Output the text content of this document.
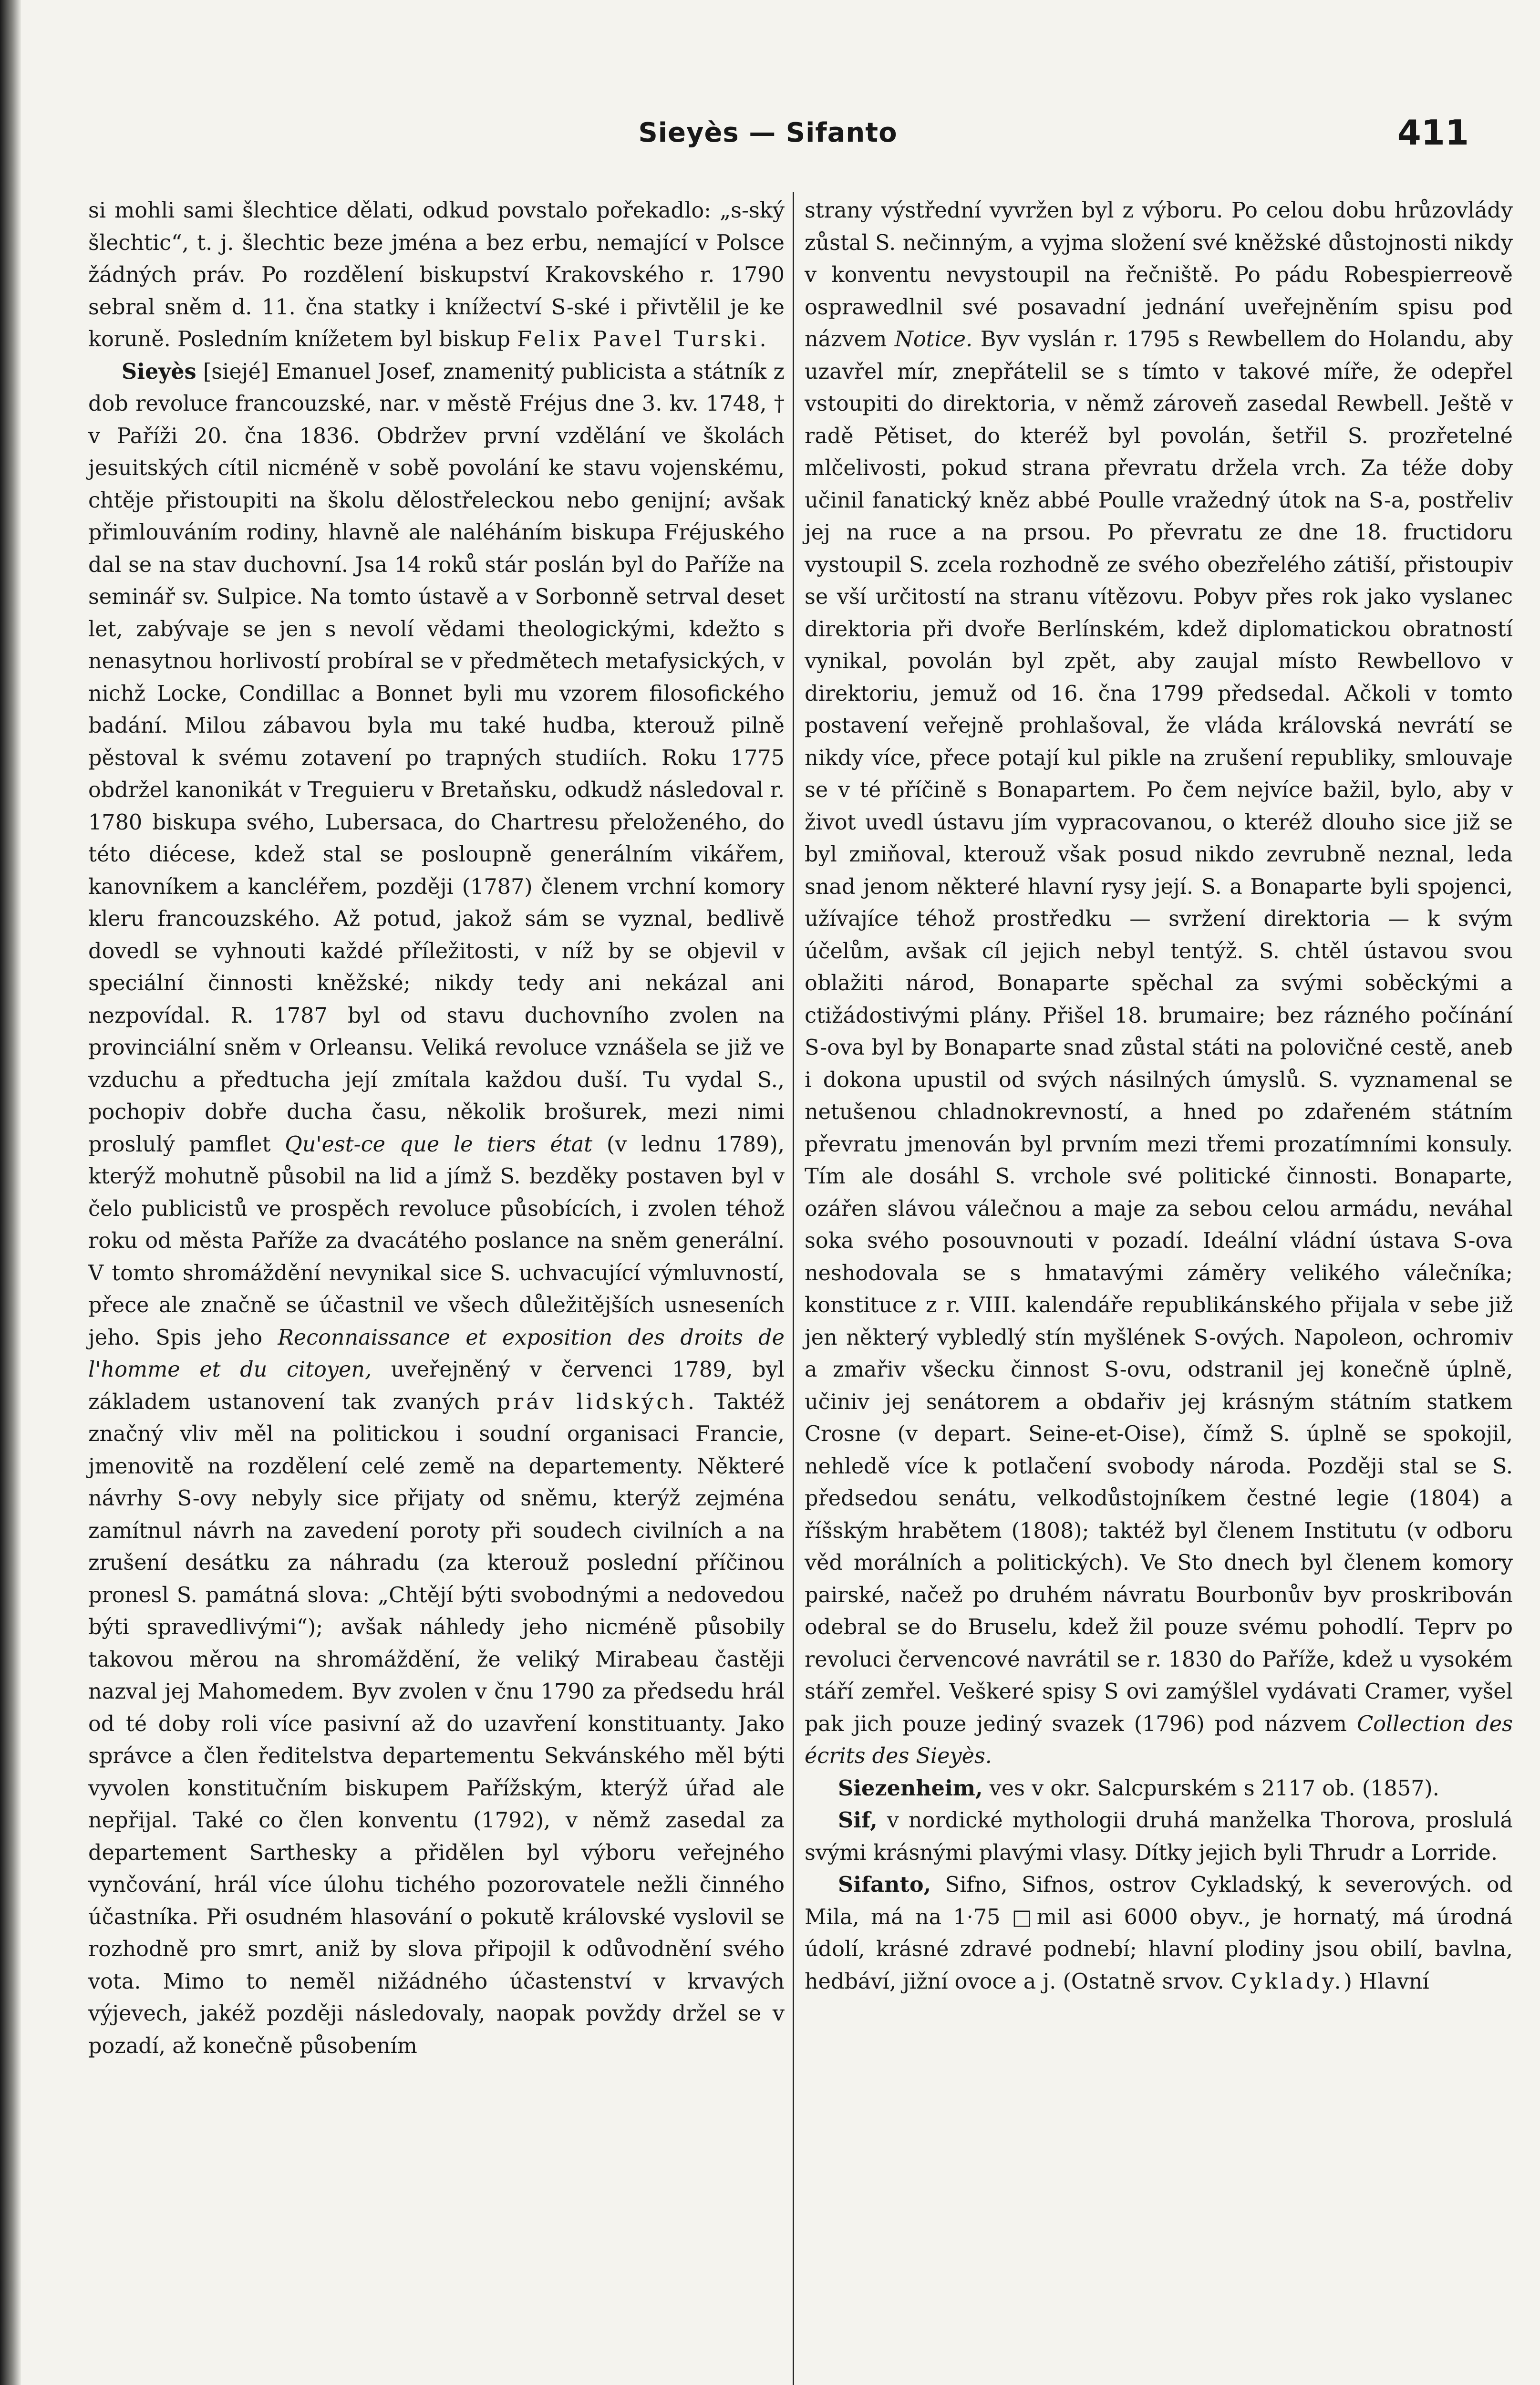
Sieyès — Sifanto	411

si mohli sami šlechtice dělati, odkud povstalo pořekadlo: „s-ský šlechtic“, t. j. šlechtic beze jména a bez erbu, nemající v Polsce žádných práv. Po rozdělení biskupství Krakovského r. 1790 sebral sněm d. 11. čna statky i knížectví S-ské i přivtělil je ke koruně. Posledním knížetem byl biskup Felix Pavel Turski.

Sieyès [siejé] Emanuel Josef, znamenitý publicista a státník z dob revoluce francouzské, nar. v městě Fréjus dne 3. kv. 1748, † v Paříži 20. čna 1836. Obdržev první vzdělání ve školách jesuitských cítil nicméně v sobě povolání ke stavu vojenskému, chtěje přistoupiti na školu dělostřeleckou nebo genijní; avšak přimlouváním rodiny, hlavně ale naléháním biskupa Fréjuského dal se na stav duchovní. Jsa 14 roků stár poslán byl do Paříže na seminář sv. Sulpice. Na tomto ústavě a v Sorbonně setrval deset let, zabývaje se jen s nevolí vědami theologickými, kdežto s nenasytnou horlivostí probíral se v předmětech metafysických, v nichž Locke, Condillac a Bonnet byli mu vzorem filosofického badání. Milou zábavou byla mu také hudba, kterouž pilně pěstoval k svému zotavení po trapných studiích. Roku 1775 obdržel kanonikát v Treguieru v Bretaňsku, odkudž následoval r. 1780 biskupa svého, Lubersaca, do Chartresu přeloženého, do této diécese, kdež stal se posloupně generálním vikářem, kanovníkem a kancléřem, později (1787) členem vrchní komory kleru francouzského. Až potud, jakož sám se vyznal, bedlivě dovedl se vyhnouti každé příležitosti, v níž by se objevil v speciální činnosti kněžské; nikdy tedy ani nekázal ani nezpovídal. R. 1787 byl od stavu duchovního zvolen na provinciální sněm v Orleansu. Veliká revoluce vznášela se již ve vzduchu a předtucha její zmítala každou duší. Tu vydal S., pochopiv dobře ducha času, několik brošurek, mezi nimi proslulý pamflet Qu'est-ce que le tiers état (v lednu 1789), kterýž mohutně působil na lid a jímž S. bezděky postaven byl v čelo publicistů ve prospěch revoluce působících, i zvolen téhož roku od města Paříže za dvacátého poslance na sněm generální. V tomto shromáždění nevynikal sice S. uchvacující výmluvností, přece ale značně se účastnil ve všech důležitějších usneseních jeho. Spis jeho Reconnaissance et exposition des droits de l'homme et du citoyen, uveřejněný v červenci 1789, byl základem ustanovení tak zvaných práv lidských. Taktéž značný vliv měl na politickou i soudní organisaci Francie, jmenovitě na rozdělení celé země na departementy. Některé návrhy S-ovy nebyly sice přijaty od sněmu, kterýž zejména zamítnul návrh na zavedení poroty při soudech civilních a na zrušení desátku za náhradu (za kterouž poslední příčinou pronesl S. památná slova: „Chtějí býti svobodnými a nedovedou býti spravedlivými“); avšak náhledy jeho nicméně působily takovou měrou na shromáždění, že veliký Mirabeau častěji nazval jej Mahomedem. Byv zvolen v čnu 1790 za předsedu hrál od té doby roli více pasivní až do uzavření konstituanty. Jako správce a člen ředitelstva departementu Sekvánského měl býti vyvolen konstitučním biskupem Pařížským, kterýž úřad ale nepřijal. Také co člen konventu (1792), v němž zasedal za departement Sarthesky a přidělen byl výboru veřejného vynčování, hrál více úlohu tichého pozorovatele nežli činného účastníka. Při osudném hlasování o pokutě královské vyslovil se rozhodně pro smrt, aniž by slova připojil k odůvodnění svého vota. Mimo to neměl nižádného účastenství v krvavých výjevech, jakéž později následovaly, naopak povždy držel se v pozadí, až konečně působením

strany výstřední vyvržen byl z výboru. Po celou dobu hrůzovlády zůstal S. nečinným, a vyjma složení své kněžské důstojnosti nikdy v konventu nevystoupil na řečniště. Po pádu Robespierreově osprawedlnil své posavadní jednání uveřejněním spisu pod názvem Notice. Byv vyslán r. 1795 s Rewbellem do Holandu, aby uzavřel mír, znepřátelil se s tímto v takové míře, že odepřel vstoupiti do direktoria, v němž zároveň zasedal Rewbell. Ještě v radě Pětiset, do kteréž byl povolán, šetřil S. prozřetelné mlčelivosti, pokud strana převratu držela vrch. Za téže doby učinil fanatický kněz abbé Poulle vražedný útok na S-a, postřeliv jej na ruce a na prsou. Po převratu ze dne 18. fructidoru vystoupil S. zcela rozhodně ze svého obezřelého zátiší, přistoupiv se vší určitostí na stranu vítězovu. Pobyv přes rok jako vyslanec direktoria při dvoře Berlínském, kdež diplomatickou obratností vynikal, povolán byl zpět, aby zaujal místo Rewbellovo v direktoriu, jemuž od 16. čna 1799 předsedal. Ačkoli v tomto postavení veřejně prohlašoval, že vláda královská nevrátí se nikdy více, přece potají kul pikle na zrušení republiky, smlouvaje se v té příčině s Bonapartem. Po čem nejvíce bažil, bylo, aby v život uvedl ústavu jím vypracovanou, o kteréž dlouho sice již se byl zmiňoval, kterouž však posud nikdo zevrubně neznal, leda snad jenom některé hlavní rysy její. S. a Bonaparte byli spojenci, užívajíce téhož prostředku — svržení direktoria — k svým účelům, avšak cíl jejich nebyl tentýž. S. chtěl ústavou svou oblažiti národ, Bonaparte spěchal za svými soběckými a ctižádostivými plány. Přišel 18. brumaire; bez rázného počínání S-ova byl by Bonaparte snad zůstal státi na polovičné cestě, aneb i dokona upustil od svých násilných úmyslů. S. vyznamenal se netušenou chladnokrevností, a hned po zdařeném státním převratu jmenován byl prvním mezi třemi prozatímními konsuly. Tím ale dosáhl S. vrchole své politické činnosti. Bonaparte, ozářen slávou válečnou a maje za sebou celou armádu, neváhal soka svého posouvnouti v pozadí. Ideální vládní ústava S-ova neshodovala se s hmatavými záměry velikého válečníka; konstituce z r. VIII. kalendáře republikánského přijala v sebe již jen některý vybledlý stín myšlének S-ových. Napoleon, ochromiv a zmařiv všecku činnost S-ovu, odstranil jej konečně úplně, učiniv jej senátorem a obdařiv jej krásným státním statkem Crosne (v depart. Seine-et-Oise), čímž S. úplně se spokojil, nehledě více k potlačení svobody národa. Později stal se S. předsedou senátu, velkodůstojníkem čestné legie (1804) a říšským hrabětem (1808); taktéž byl členem Institutu (v odboru věd morálních a politických). Ve Sto dnech byl členem komory pairské, načež po druhém návratu Bourbonův byv proskribován odebral se do Bruselu, kdež žil pouze svému pohodlí. Teprv po revoluci červencové navrátil se r. 1830 do Paříže, kdež u vysokém stáří zemřel. Veškeré spisy S ovi zamýšlel vydávati Cramer, vyšel pak jich pouze jediný svazek (1796) pod názvem Collection des écrits des Sieyès.

Siezenheim, ves v okr. Salcpurském s 2117 ob. (1857).

Sif, v nordické mythologii druhá manželka Thorova, proslulá svými krásnými plavými vlasy. Dítky jejich byli Thrudr a Lorride.

Sifanto, Sifno, Sifnos, ostrov Cykladský, k severových. od Mila, má na 1·75 □mil asi 6000 obyv., je hornatý, má úrodná údolí, krásné zdravé podnebí; hlavní plodiny jsou obilí, bavlna, hedbáví, jižní ovoce a j. (Ostatně srvov. Cyklady.) Hlavní
